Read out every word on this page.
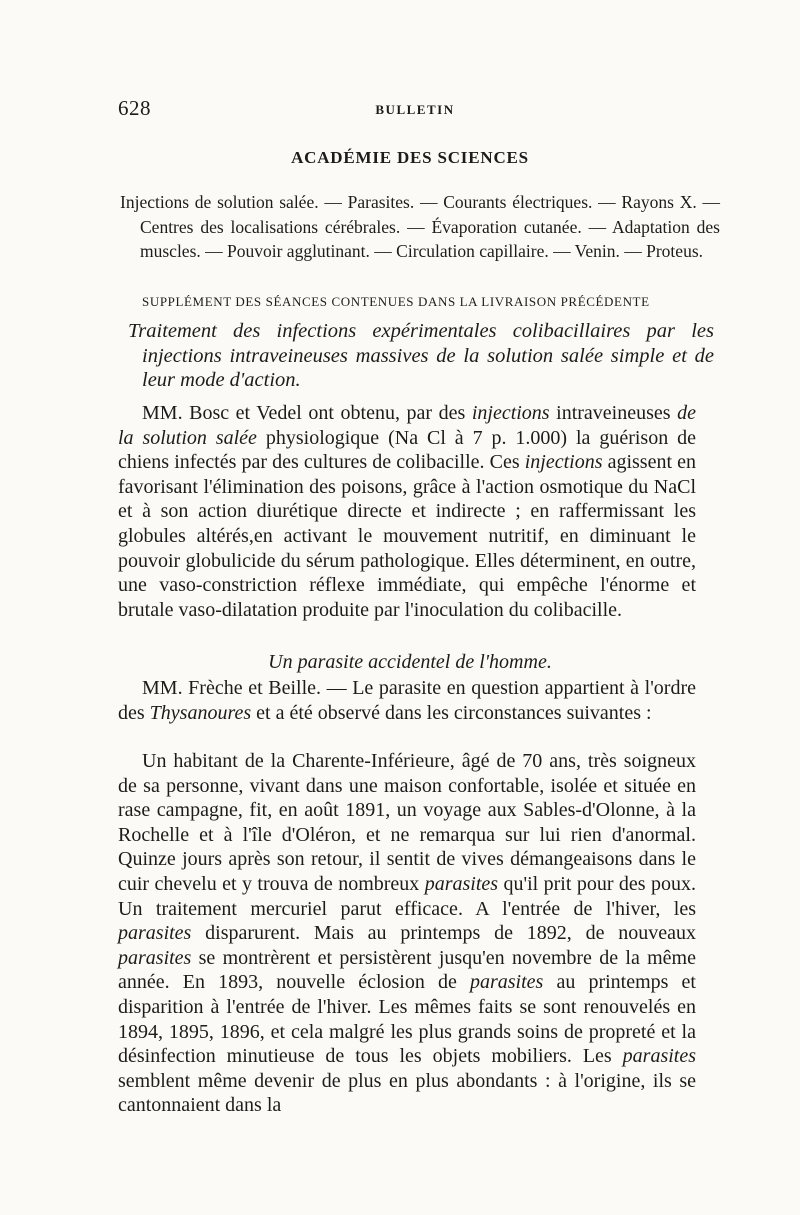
628	BULLETIN
ACADÉMIE DES SCIENCES
Injections de solution salée. — Parasites. — Courants électriques. — Rayons X. — Centres des localisations cérébrales. — Évaporation cutanée. — Adaptation des muscles. — Pouvoir agglutinant. — Circulation capillaire. — Venin. — Proteus.
SUPPLÉMENT DES SÉANCES CONTENUES DANS LA LIVRAISON PRÉCÉDENTE
Traitement des infections expérimentales colibacillaires par les injections intraveineuses massives de la solution salée simple et de leur mode d'action.

MM. Bosc et Vedel ont obtenu, par des injections intraveineuses de la solution salée physiologique (Na Cl à 7 p. 1.000) la guérison de chiens infectés par des cultures de colibacille. Ces injections agissent en favorisant l'élimination des poisons, grâce à l'action osmotique du NaCl et à son action diurétique directe et indirecte ; en raffermissant les globules altérés,en activant le mouvement nutritif, en diminuant le pouvoir globulicide du sérum pathologique. Elles déterminent, en outre, une vaso-constriction réflexe immédiate, qui empêche l'énorme et brutale vaso-dilatation produite par l'inoculation du colibacille.

Un parasite accidentel de l'homme.

MM. Frèche et Beille. — Le parasite en question appartient à l'ordre des Thysanoures et a été observé dans les circonstances suivantes :

Un habitant de la Charente-Inférieure, âgé de 70 ans, très soigneux de sa personne, vivant dans une maison confortable, isolée et située en rase campagne, fit, en août 1891, un voyage aux Sables-d'Olonne, à la Rochelle et à l'île d'Oléron, et ne remarqua sur lui rien d'anormal. Quinze jours après son retour, il sentit de vives démangeaisons dans le cuir chevelu et y trouva de nombreux parasites qu'il prit pour des poux. Un traitement mercuriel parut efficace. A l'entrée de l'hiver, les parasites disparurent. Mais au printemps de 1892, de nouveaux parasites se montrèrent et persistèrent jusqu'en novembre de la même année. En 1893, nouvelle éclosion de parasites au printemps et disparition à l'entrée de l'hiver. Les mêmes faits se sont renouvelés en 1894, 1895, 1896, et cela malgré les plus grands soins de propreté et la désinfection minutieuse de tous les objets mobiliers. Les parasites semblent même devenir de plus en plus abondants : à l'origine, ils se cantonnaient dans la
